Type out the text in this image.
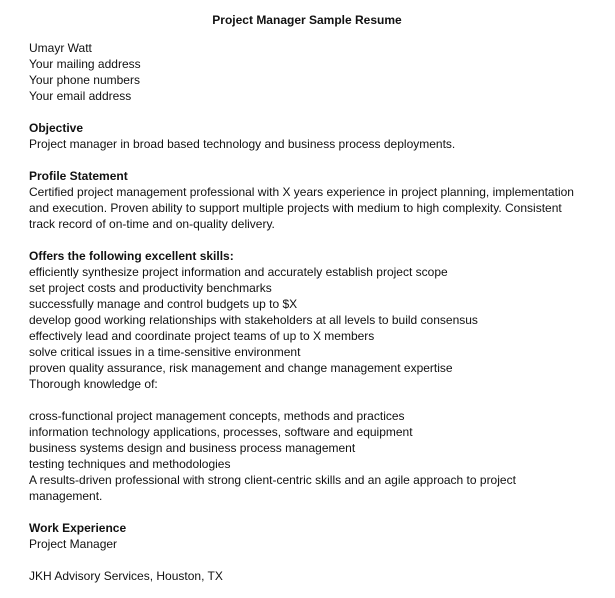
Project Manager Sample Resume
Umayr Watt
Your mailing address
Your phone numbers
Your email address
Objective
Project manager in broad based technology and business process deployments.
Profile Statement
Certified project management professional with X years experience in project planning, implementation and execution. Proven ability to support multiple projects with medium to high complexity. Consistent track record of on-time and on-quality delivery.
Offers the following excellent skills:
efficiently synthesize project information and accurately establish project scope
set project costs and productivity benchmarks
successfully manage and control budgets up to $X
develop good working relationships with stakeholders at all levels to build consensus
effectively lead and coordinate project teams of up to X members
solve critical issues in a time-sensitive environment
proven quality assurance, risk management and change management expertise
Thorough knowledge of:
cross-functional project management concepts, methods and practices
information technology applications, processes, software and equipment
business systems design and business process management
testing techniques and methodologies
A results-driven professional with strong client-centric skills and an agile approach to project management.
Work Experience
Project Manager
JKH Advisory Services, Houston, TX
